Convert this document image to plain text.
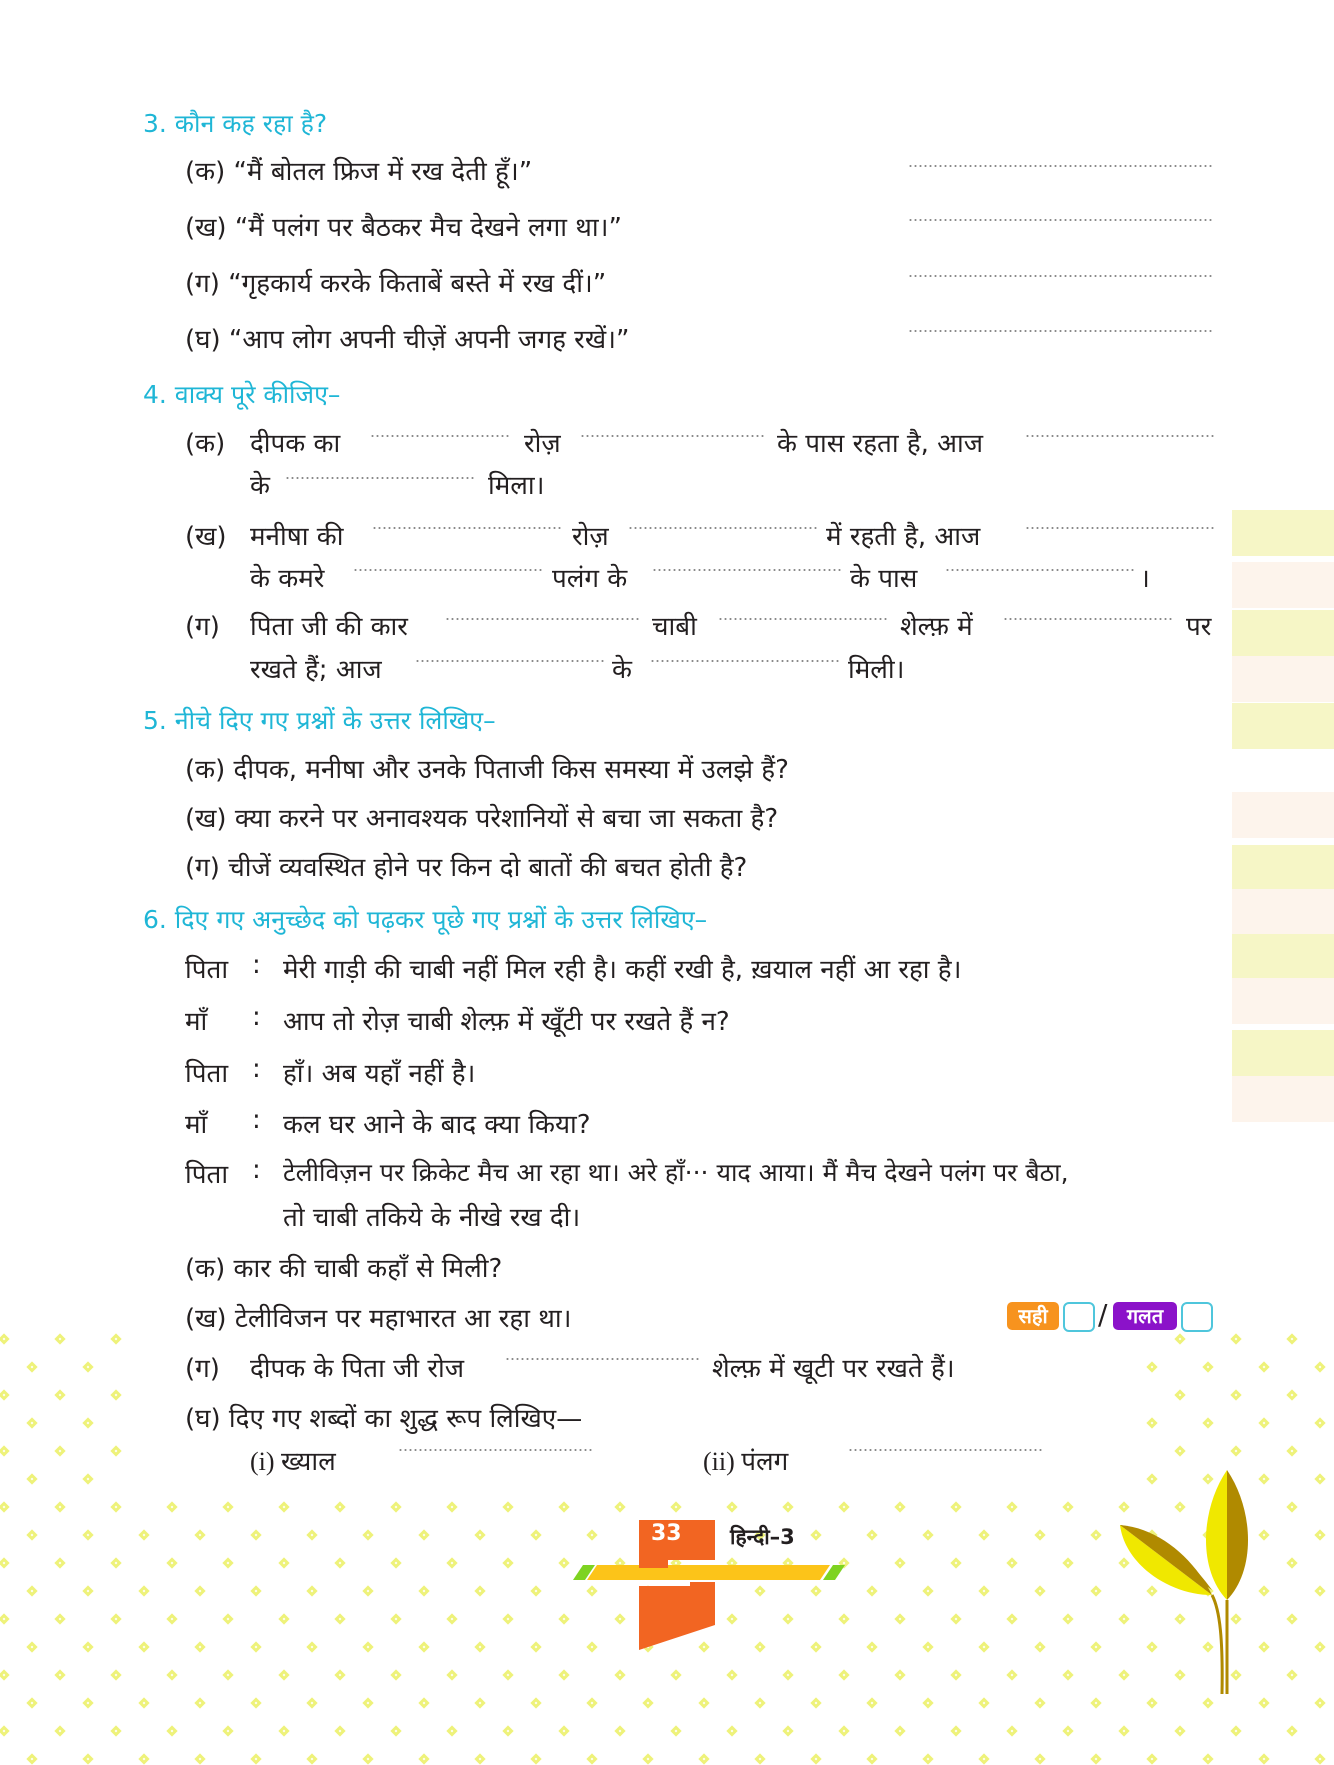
3. कौन कह रहा है?
(क) “मैं बोतल फ्रिज में रख देती हूँ।”
(ख) “मैं पलंग पर बैठकर मैच देखने लगा था।”
(ग) “गृहकार्य करके किताबें बस्ते में रख दीं।”
(घ) “आप लोग अपनी चीज़ें अपनी जगह रखें।”
4. वाक्य पूरे कीजिए–
(क) दीपक का	रोज़	के पास रहता है, आज
के	मिला।
(ख) मनीषा की	रोज़	में रहती है, आज
के कमरे	पलंग के	के पास	।
(ग) पिता जी की कार	चाबी	शेल्फ़ में	पर
रखते हैं; आज	के	मिली।
5. नीचे दिए गए प्रश्नों के उत्तर लिखिए–
(क) दीपक, मनीषा और उनके पिताजी किस समस्या में उलझे हैं?
(ख) क्या करने पर अनावश्यक परेशानियों से बचा जा सकता है?
(ग) चीजें व्यवस्थित होने पर किन दो बातों की बचत होती है?
6. दिए गए अनुच्छेद को पढ़कर पूछे गए प्रश्नों के उत्तर लिखिए–
पिता : मेरी गाड़ी की चाबी नहीं मिल रही है। कहीं रखी है, ख़याल नहीं आ रहा है।
माँ : आप तो रोज़ चाबी शेल्फ़ में खूँटी पर रखते हैं न?
पिता : हाँ। अब यहाँ नहीं है।
माँ : कल घर आने के बाद क्या किया?
पिता : टेलीविज़न पर क्रिकेट मैच आ रहा था। अरे हाँ··· याद आया। मैं मैच देखने पलंग पर बैठा,
तो चाबी तकिये के नीखे रख दी।
(क) कार की चाबी कहाँ से मिली?
(ख) टेलीविजन पर महाभारत आ रहा था।	सही	/ गलत
(ग) दीपक के पिता जी रोज	शेल्फ़ में खूटी पर रखते हैं।
(घ) दिए गए शब्दों का शुद्ध रूप लिखिए—
(i) ख्याल	(ii) पंलग
33 हिन्दी–3
